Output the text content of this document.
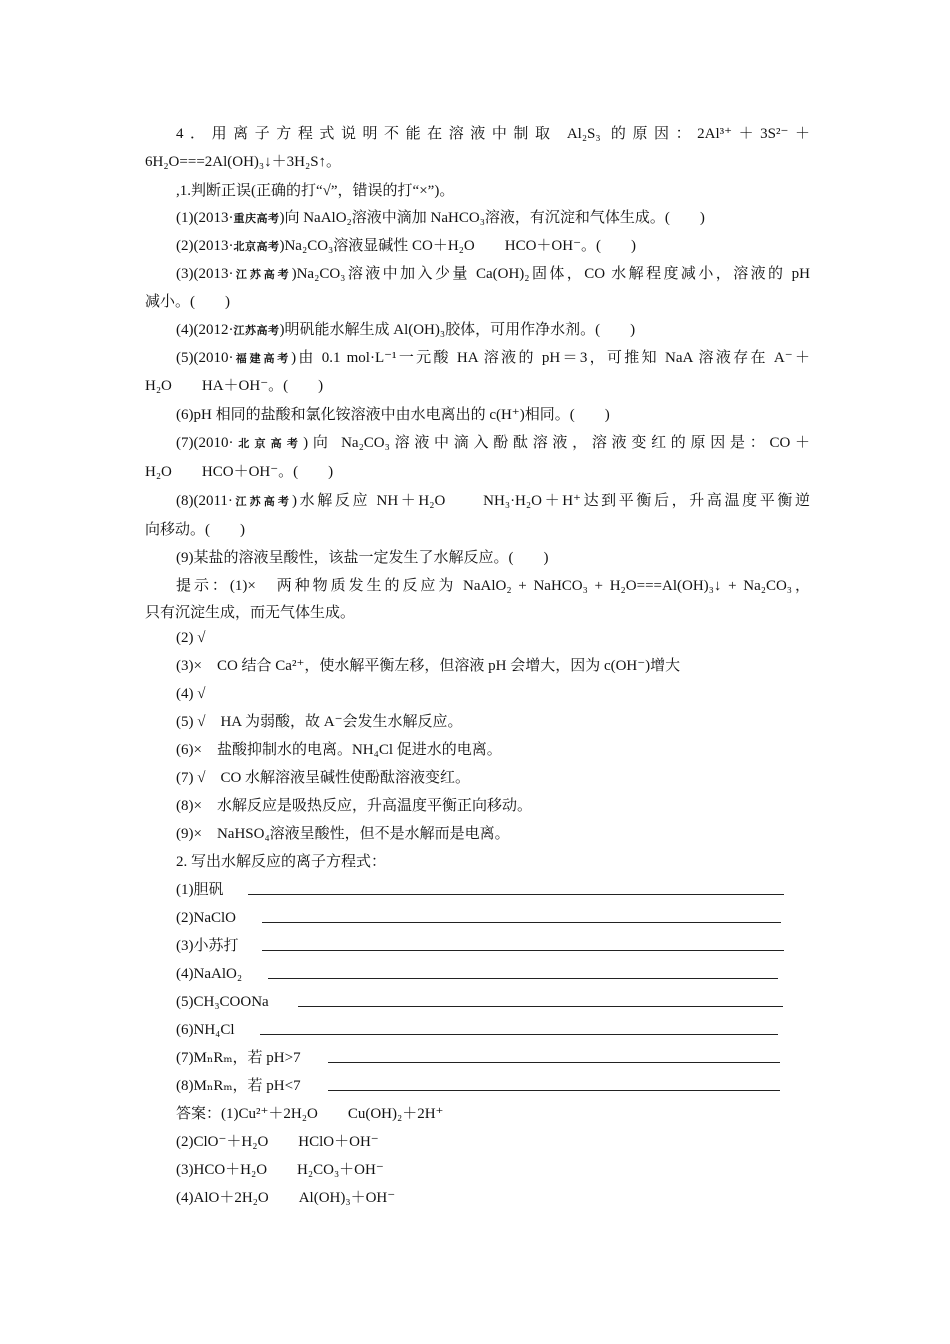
4．用离子方程式说明不能在溶液中制取 Al₂S₃ 的原因：2Al³⁺＋3S²⁻＋
6H₂O===2Al(OH)₃↓＋3H₂S↑。
,1.判断正误(正确的打“√”，错误的打“×”)。
(1)(2013·重庆高考)向 NaAlO₂溶液中滴加 NaHCO₃溶液，有沉淀和气体生成。(　　)
(2)(2013·北京高考)Na₂CO₃溶液显碱性 CO＋H₂O　　HCO＋OH⁻。(　　)
(3)(2013·江苏高考)Na₂CO₃溶液中加入少量 Ca(OH)₂固体，CO 水解程度减小，溶液的 pH
减小。(　　)
(4)(2012·江苏高考)明矾能水解生成 Al(OH)₃胶体，可用作净水剂。(　　)
(5)(2010·福建高考)由 0.1 mol·L⁻¹一元酸 HA 溶液的 pH＝3，可推知 NaA 溶液存在 A⁻＋
H₂O　　HA＋OH⁻。(　　)
(6)pH 相同的盐酸和氯化铵溶液中由水电离出的 c(H⁺)相同。(　　)
(7)(2010·北京高考)向 Na₂CO₃溶液中滴入酚酞溶液，溶液变红的原因是：CO＋
H₂O　　HCO＋OH⁻。(　　)
(8)(2011·江苏高考)水解反应 NH＋H₂O　　NH₃·H₂O＋H⁺达到平衡后，升高温度平衡逆
向移动。(　　)
(9)某盐的溶液呈酸性，该盐一定发生了水解反应。(　　)
提示：(1)×　两种物质发生的反应为 NaAlO₂ + NaHCO₃ + H₂O===Al(OH)₃↓ + Na₂CO₃，
只有沉淀生成，而无气体生成。
(2) √
(3)×　CO 结合 Ca²⁺，使水解平衡左移，但溶液 pH 会增大，因为 c(OH⁻)增大
(4) √
(5) √　HA 为弱酸，故 A⁻会发生水解反应。
(6)×　盐酸抑制水的电离。NH₄Cl 促进水的电离。
(7) √　CO 水解溶液呈碱性使酚酞溶液变红。
(8)×　水解反应是吸热反应，升高温度平衡正向移动。
(9)×　NaHSO₄溶液呈酸性，但不是水解而是电离。
2. 写出水解反应的离子方程式：
(1)胆矾
(2)NaClO
(3)小苏打
(4)NaAlO₂
(5)CH₃COONa
(6)NH₄Cl
(7)MₙRₘ，若 pH>7
(8)MₙRₘ，若 pH<7
答案：(1)Cu²⁺＋2H₂O　　Cu(OH)₂＋2H⁺
(2)ClO⁻＋H₂O　　HClO＋OH⁻
(3)HCO＋H₂O　　H₂CO₃＋OH⁻
(4)AlO＋2H₂O　　Al(OH)₃＋OH⁻
